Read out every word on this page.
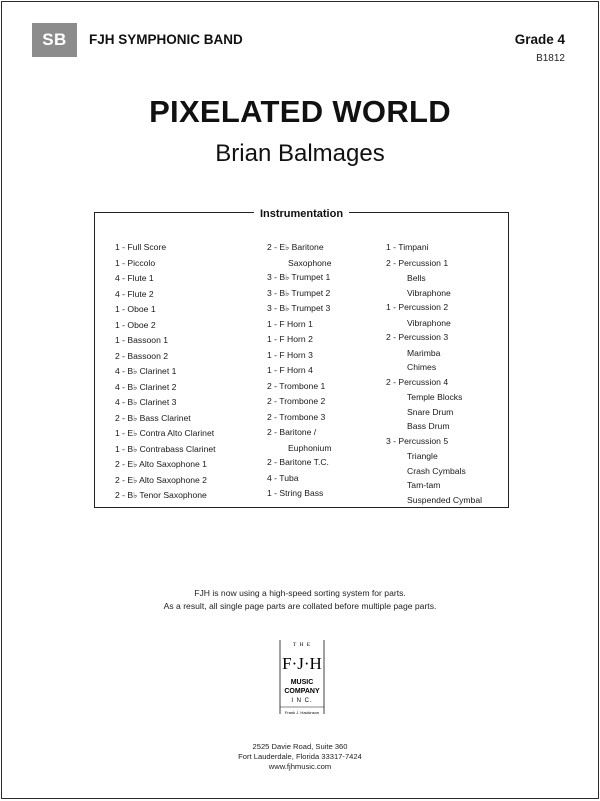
SB	FJH SYMPHONIC BAND	Grade 4
B1812
PIXELATED WORLD
Brian Balmages
Instrumentation
1 - Full Score
1 - Piccolo
4 - Flute 1
4 - Flute 2
1 - Oboe 1
1 - Oboe 2
1 - Bassoon 1
2 - Bassoon 2
4 - B♭ Clarinet 1
4 - B♭ Clarinet 2
4 - B♭ Clarinet 3
2 - B♭ Bass Clarinet
1 - E♭ Contra Alto Clarinet
1 - B♭ Contrabass Clarinet
2 - E♭ Alto Saxophone 1
2 - E♭ Alto Saxophone 2
2 - B♭ Tenor Saxophone
2 - E♭ Baritone
Saxophone
3 - B♭ Trumpet 1
3 - B♭ Trumpet 2
3 - B♭ Trumpet 3
1 - F Horn 1
1 - F Horn 2
1 - F Horn 3
1 - F Horn 4
2 - Trombone 1
2 - Trombone 2
2 - Trombone 3
2 - Baritone /
Euphonium
2 - Baritone T.C.
4 - Tuba
1 - String Bass
1 - Timpani
2 - Percussion 1
Bells
Vibraphone
1 - Percussion 2
Vibraphone
2 - Percussion 3
Marimba
Chimes
2 - Percussion 4
Temple Blocks
Snare Drum
Bass Drum
3 - Percussion 5
Triangle
Crash Cymbals
Tam-tam
Suspended Cymbal
FJH is now using a high-speed sorting system for parts.
As a result, all single page parts are collated before multiple page parts.
T H E
F·J·H
MUSIC
COMPANY
I N C.
Frank J. Hackinson
2525 Davie Road, Suite 360
Fort Lauderdale, Florida 33317-7424
www.fjhmusic.com
